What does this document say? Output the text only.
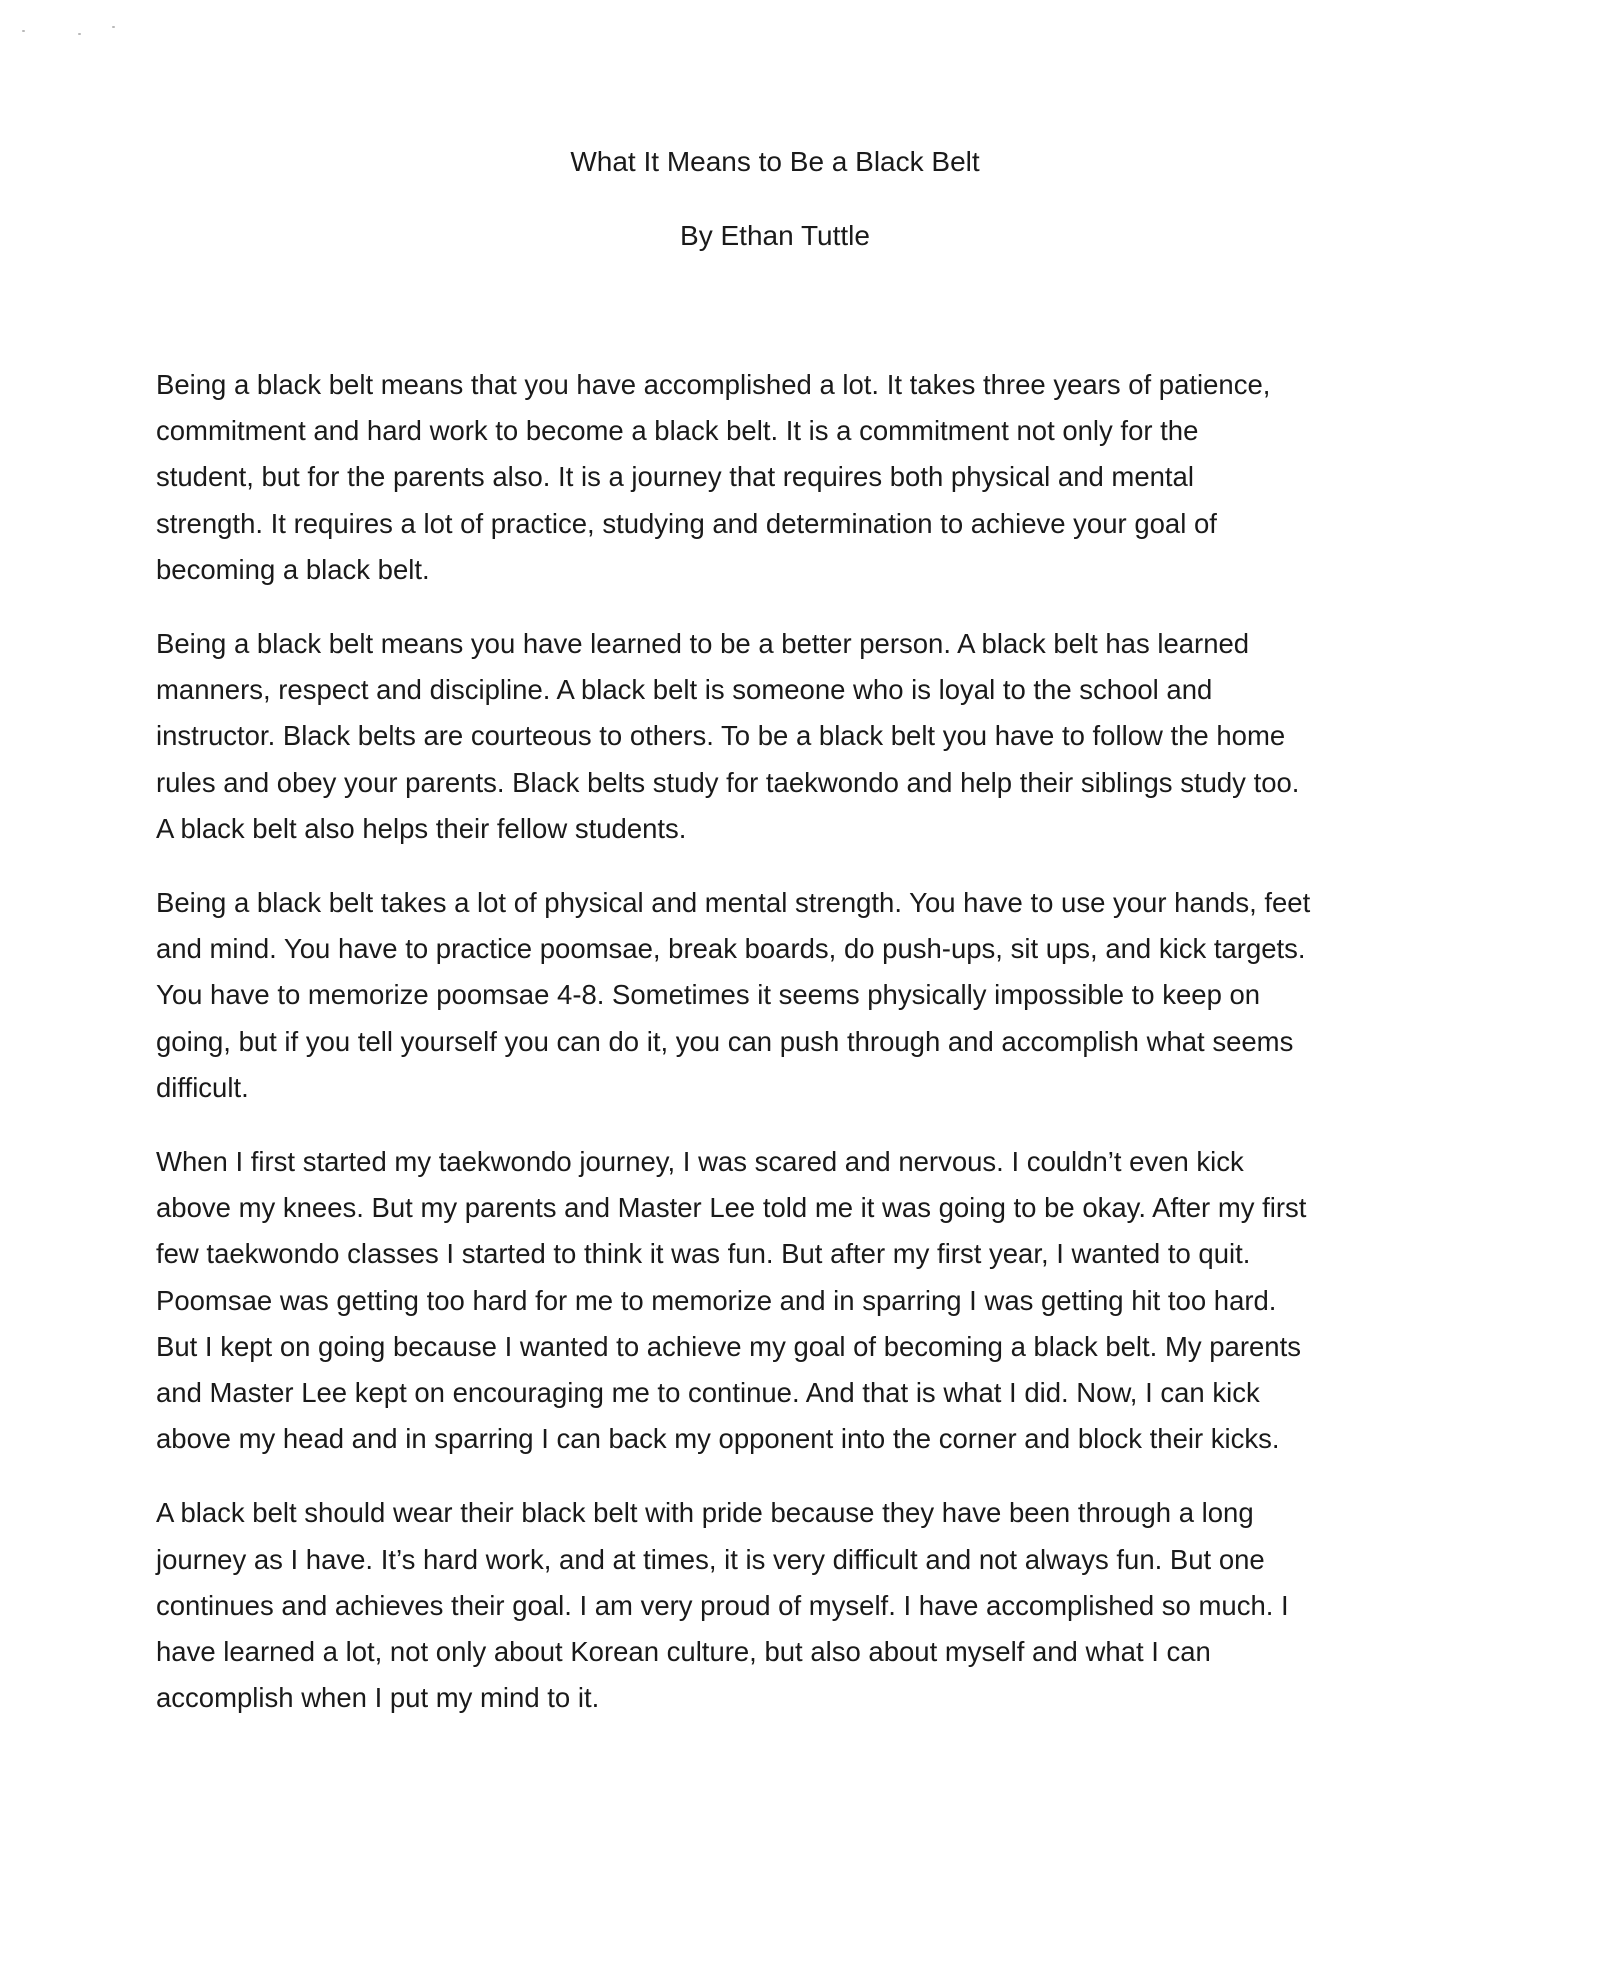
What It Means to Be a Black Belt
By Ethan Tuttle

Being a black belt means that you have accomplished a lot. It takes three years of patience,
commitment and hard work to become a black belt. It is a commitment not only for the
student, but for the parents also. It is a journey that requires both physical and mental
strength. It requires a lot of practice, studying and determination to achieve your goal of
becoming a black belt.

Being a black belt means you have learned to be a better person. A black belt has learned
manners, respect and discipline. A black belt is someone who is loyal to the school and
instructor. Black belts are courteous to others. To be a black belt you have to follow the home
rules and obey your parents. Black belts study for taekwondo and help their siblings study too.
A black belt also helps their fellow students.

Being a black belt takes a lot of physical and mental strength. You have to use your hands, feet
and mind. You have to practice poomsae, break boards, do push-ups, sit ups, and kick targets.
You have to memorize poomsae 4-8. Sometimes it seems physically impossible to keep on
going, but if you tell yourself you can do it, you can push through and accomplish what seems
difficult.

When I first started my taekwondo journey, I was scared and nervous. I couldn’t even kick
above my knees. But my parents and Master Lee told me it was going to be okay. After my first
few taekwondo classes I started to think it was fun. But after my first year, I wanted to quit.
Poomsae was getting too hard for me to memorize and in sparring I was getting hit too hard.
But I kept on going because I wanted to achieve my goal of becoming a black belt. My parents
and Master Lee kept on encouraging me to continue. And that is what I did. Now, I can kick
above my head and in sparring I can back my opponent into the corner and block their kicks.

A black belt should wear their black belt with pride because they have been through a long
journey as I have. It’s hard work, and at times, it is very difficult and not always fun. But one
continues and achieves their goal. I am very proud of myself. I have accomplished so much. I
have learned a lot, not only about Korean culture, but also about myself and what I can
accomplish when I put my mind to it.
